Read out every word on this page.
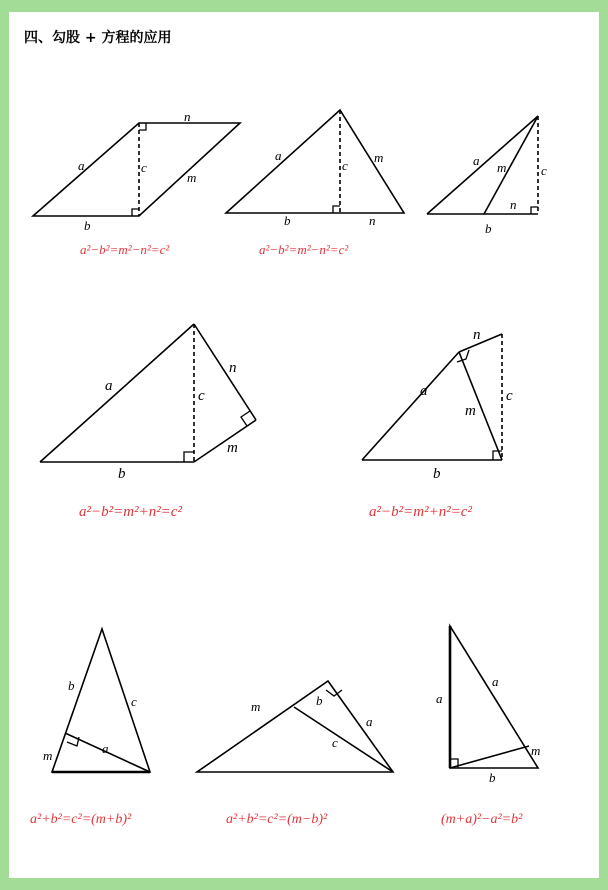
四、勾股 + 方程的应用
n
a	c
m
b
a
c
m
b	n
a m	c
n
b
a
c
n
m
b
n
a	c
m
b
b
c
a
m
m	b
a
c
a
a
m
b
a²−b²=m²−n²=c²	a²−b²=m²−n²=c²
a²−b²=m²+n²=c²	a²−b²=m²+n²=c²
a²+b²=c²=(m+b)²	a²+b²=c²=(m−b)²	(m+a)²−a²=b²
